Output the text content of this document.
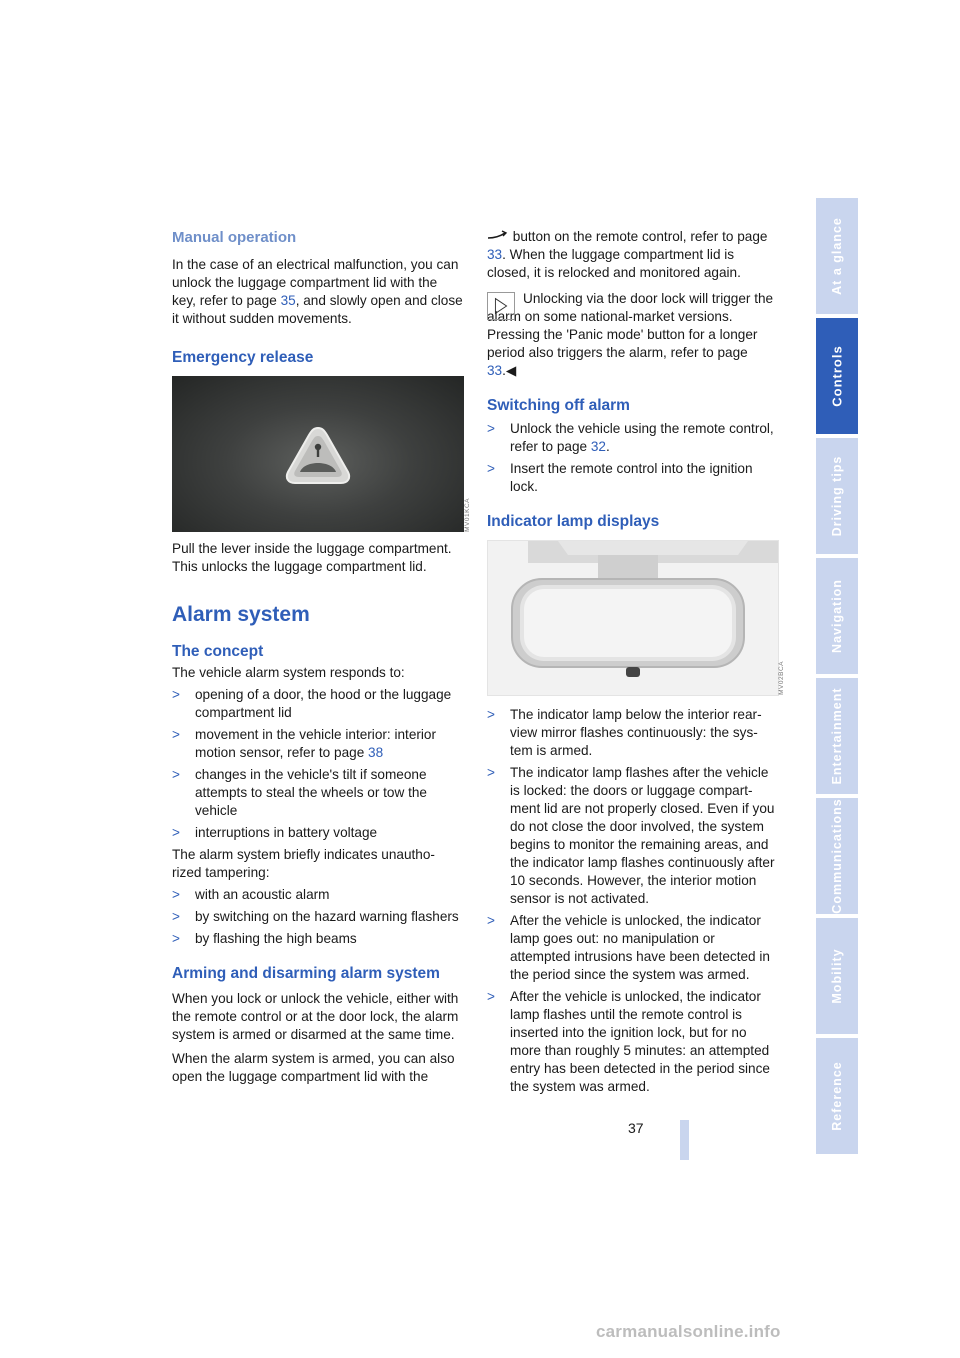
Manual operation

In the case of an electrical malfunction, you can unlock the luggage compartment lid with the key, refer to page 35, and slowly open and close it without sudden movements.

Emergency release
MV01KCA

Pull the lever inside the luggage compartment. This unlocks the luggage compartment lid.

Alarm system
The concept

The vehicle alarm system responds to:

> opening of a door, the hood or the luggage compartment lid
> movement in the vehicle interior: interior motion sensor, refer to page 38
> changes in the vehicle's tilt if someone attempts to steal the wheels or tow the vehicle
> interruptions in battery voltage

The alarm system briefly indicates unautho-rized tampering:

> with an acoustic alarm
> by switching on the hazard warning flashers
> by flashing the high beams
Arming and disarming alarm system

When you lock or unlock the vehicle, either with the remote control or at the door lock, the alarm system is armed or disarmed at the same time.

When the alarm system is armed, you can also open the luggage compartment lid with the

button on the remote control, refer to page 33. When the luggage compartment lid is closed, it is relocked and monitored again.

Unlocking via the door lock will trigger the alarm on some national-market versions. Pressing the 'Panic mode' button for a longer period also triggers the alarm, refer to page 33.◀

Switching off alarm
> Unlock the vehicle using the remote control, refer to page 32.
> Insert the remote control into the ignition lock.
Indicator lamp displays
MV02BCA
> The indicator lamp below the interior rear-view mirror flashes continuously: the sys-tem is armed.
> The indicator lamp flashes after the vehicle is locked: the doors or luggage compart-ment lid are not properly closed. Even if you do not close the door involved, the system begins to monitor the remaining areas, and the indicator lamp flashes continuously after 10 seconds. However, the interior motion sensor is not activated.
> After the vehicle is unlocked, the indicator lamp goes out: no manipulation or attempted intrusions have been detected in the period since the system was armed.
> After the vehicle is unlocked, the indicator lamp flashes until the remote control is inserted into the ignition lock, but for no more than roughly 5 minutes: an attempted entry has been detected in the period since the system was armed.
At a glance
Controls
Driving tips
Navigation
Entertainment
Communications
Mobility
Reference
37
carmanualsonline.info
